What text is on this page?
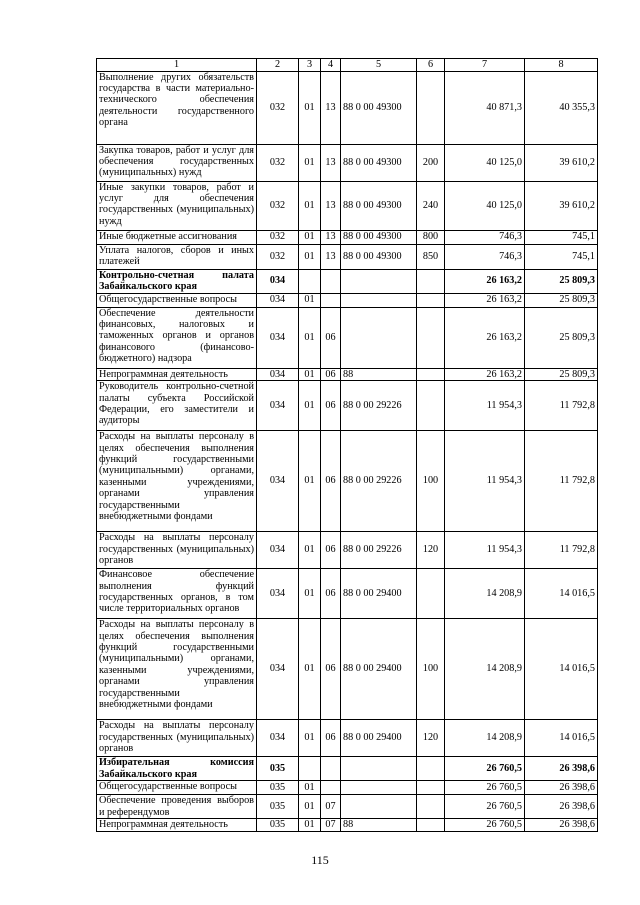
1	2	3	4	5	6	7	8
Выполнение других обязательств государства в части материально-технического обеспечения деятельности государственного органа	032	01	13	88 0 00 49300		40 871,3	40 355,3
Закупка товаров, работ и услуг для обеспечения государственных (муниципальных) нужд	032	01	13	88 0 00 49300	200	40 125,0	39 610,2
Иные закупки товаров, работ и услуг для обеспечения государственных (муниципальных) нужд	032	01	13	88 0 00 49300	240	40 125,0	39 610,2
Иные бюджетные ассигнования	032	01	13	88 0 00 49300	800	746,3	745,1
Уплата налогов, сборов и иных платежей	032	01	13	88 0 00 49300	850	746,3	745,1
Контрольно-счетная палата Забайкальского края	034					26 163,2	25 809,3
Общегосударственные вопросы	034	01				26 163,2	25 809,3
Обеспечение деятельности финансовых, налоговых и таможенных органов и органов финансового (финансово-бюджетного) надзора	034	01	06			26 163,2	25 809,3
Непрограммная деятельность	034	01	06	88		26 163,2	25 809,3
Руководитель контрольно-счетной палаты субъекта Российской Федерации, его заместители и аудиторы	034	01	06	88 0 00 29226		11 954,3	11 792,8
Расходы на выплаты персоналу в целях обеспечения выполнения функций государственными (муниципальными) органами, казенными учреждениями, органами управления государственными внебюджетными фондами	034	01	06	88 0 00 29226	100	11 954,3	11 792,8
Расходы на выплаты персоналу государственных (муниципальных) органов	034	01	06	88 0 00 29226	120	11 954,3	11 792,8
Финансовое обеспечение выполнения функций государственных органов, в том числе территориальных органов	034	01	06	88 0 00 29400		14 208,9	14 016,5
Расходы на выплаты персоналу в целях обеспечения выполнения функций государственными (муниципальными) органами, казенными учреждениями, органами управления государственными внебюджетными фондами	034	01	06	88 0 00 29400	100	14 208,9	14 016,5
Расходы на выплаты персоналу государственных (муниципальных) органов	034	01	06	88 0 00 29400	120	14 208,9	14 016,5
Избирательная комиссия Забайкальского края	035					26 760,5	26 398,6
Общегосударственные вопросы	035	01				26 760,5	26 398,6
Обеспечение проведения выборов и референдумов	035	01	07			26 760,5	26 398,6
Непрограммная деятельность	035	01	07	88		26 760,5	26 398,6
115
